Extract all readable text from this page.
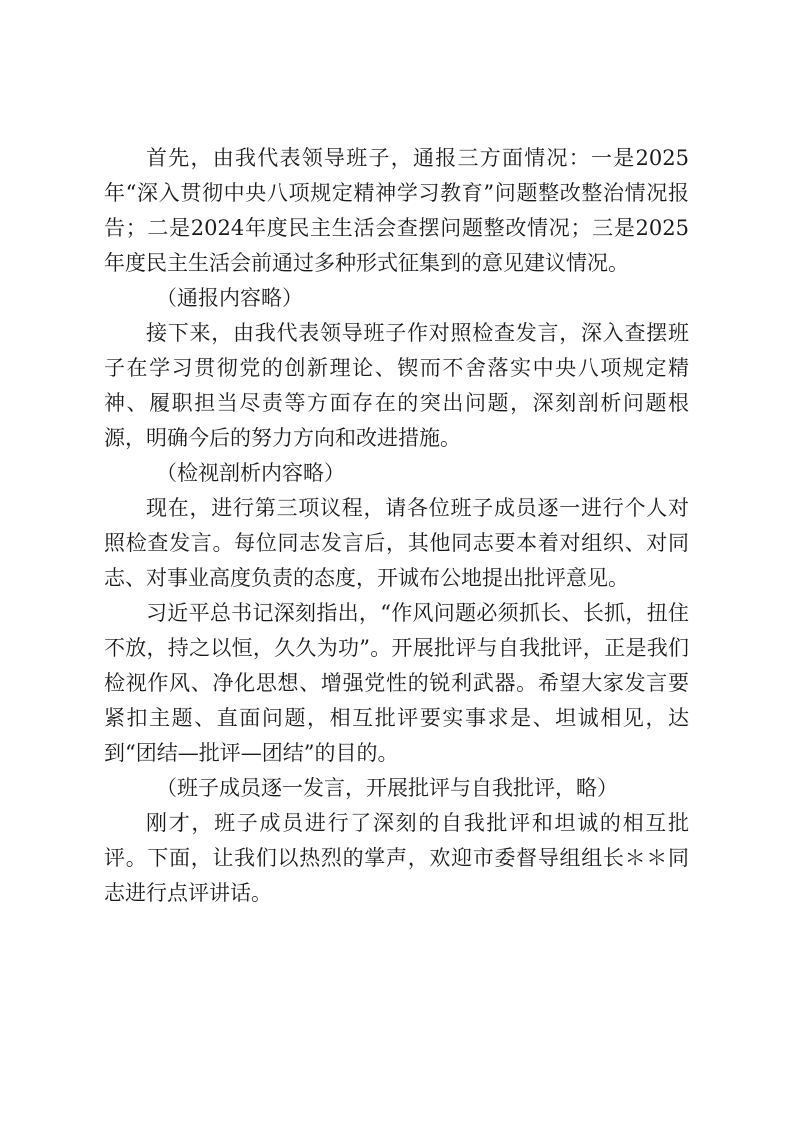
首先，由我代表领导班子，通报三方面情况：一是2025年“深入贯彻中央八项规定精神学习教育”问题整改整治情况报告；二是2024年度民主生活会查摆问题整改情况；三是2025年度民主生活会前通过多种形式征集到的意见建议情况。

（通报内容略）

接下来，由我代表领导班子作对照检查发言，深入查摆班子在学习贯彻党的创新理论、锲而不舍落实中央八项规定精神、履职担当尽责等方面存在的突出问题，深刻剖析问题根源，明确今后的努力方向和改进措施。

（检视剖析内容略）

现在，进行第三项议程，请各位班子成员逐一进行个人对照检查发言。每位同志发言后，其他同志要本着对组织、对同志、对事业高度负责的态度，开诚布公地提出批评意见。

习近平总书记深刻指出，“作风问题必须抓长、长抓，扭住不放，持之以恒，久久为功”。开展批评与自我批评，正是我们检视作风、净化思想、增强党性的锐利武器。希望大家发言要紧扣主题、直面问题，相互批评要实事求是、坦诚相见，达到“团结—批评—团结”的目的。

（班子成员逐一发言，开展批评与自我批评，略）

刚才，班子成员进行了深刻的自我批评和坦诚的相互批评。下面，让我们以热烈的掌声，欢迎市委督导组组长＊＊同志进行点评讲话。
